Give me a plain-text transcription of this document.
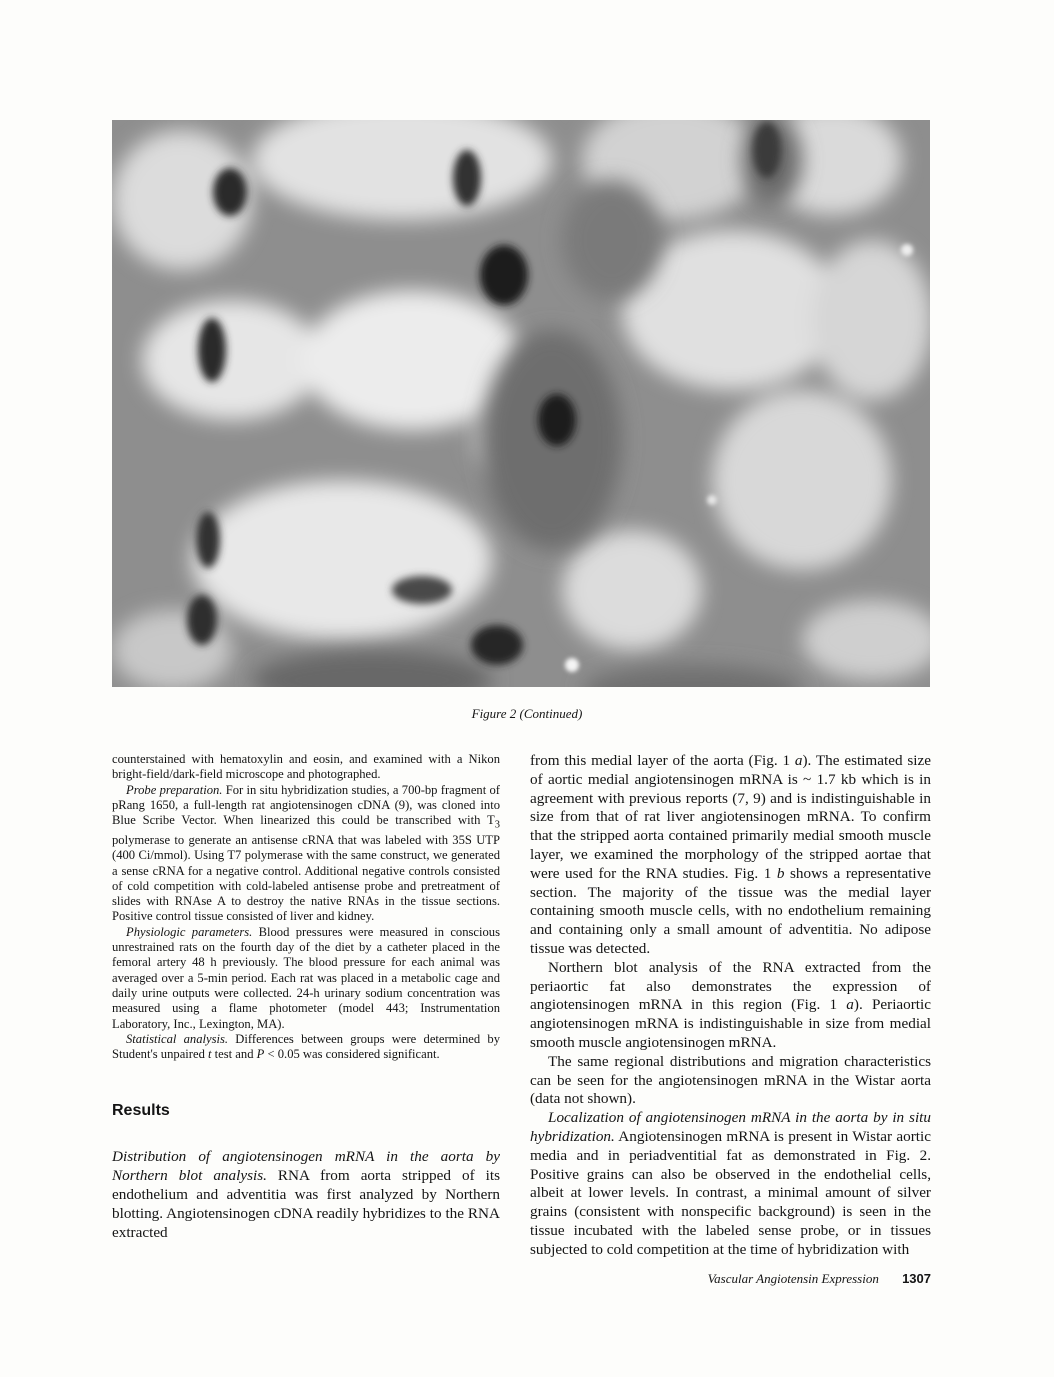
Figure 2 (Continued)

counterstained with hematoxylin and eosin, and examined with a Nikon bright-field/dark-field microscope and photographed.

Probe preparation. For in situ hybridization studies, a 700-bp fragment of pRang 1650, a full-length rat angiotensinogen cDNA (9), was cloned into Blue Scribe Vector. When linearized this could be transcribed with $T_3$ polymerase to generate an antisense cRNA that was labeled with 35S UTP (400 Ci/mmol). Using T7 polymerase with the same construct, we generated a sense cRNA for a negative control. Additional negative controls consisted of cold competition with cold-labeled antisense probe and pretreatment of slides with RNAse A to destroy the native RNAs in the tissue sections. Positive control tissue consisted of liver and kidney.

Physiologic parameters. Blood pressures were measured in conscious unrestrained rats on the fourth day of the diet by a catheter placed in the femoral artery 48 h previously. The blood pressure for each animal was averaged over a 5-min period. Each rat was placed in a metabolic cage and daily urine outputs were collected. 24-h urinary sodium concentration was measured using a flame photometer (model 443; Instrumentation Laboratory, Inc., Lexington, MA).

Statistical analysis. Differences between groups were determined by Student's unpaired t test and P < 0.05 was considered significant.

Results

Distribution of angiotensinogen mRNA in the aorta by Northern blot analysis. RNA from aorta stripped of its endothelium and adventitia was first analyzed by Northern blotting. Angiotensinogen cDNA readily hybridizes to the RNA extracted

from this medial layer of the aorta (Fig. 1 a). The estimated size of aortic medial angiotensinogen mRNA is ~ 1.7 kb which is in agreement with previous reports (7, 9) and is indistinguishable in size from that of rat liver angiotensinogen mRNA. To confirm that the stripped aorta contained primarily medial smooth muscle layer, we examined the morphology of the stripped aortae that were used for the RNA studies. Fig. 1 b shows a representative section. The majority of the tissue was the medial layer containing smooth muscle cells, with no endothelium remaining and containing only a small amount of adventitia. No adipose tissue was detected.

Northern blot analysis of the RNA extracted from the periaortic fat also demonstrates the expression of angiotensinogen mRNA in this region (Fig. 1 a). Periaortic angiotensinogen mRNA is indistinguishable in size from medial smooth muscle angiotensinogen mRNA.

The same regional distributions and migration characteristics can be seen for the angiotensinogen mRNA in the Wistar aorta (data not shown).

Localization of angiotensinogen mRNA in the aorta by in situ hybridization. Angiotensinogen mRNA is present in Wistar aortic media and in periadventitial fat as demonstrated in Fig. 2. Positive grains can also be observed in the endothelial cells, albeit at lower levels. In contrast, a minimal amount of silver grains (consistent with nonspecific background) is seen in the tissue incubated with the labeled sense probe, or in tissues subjected to cold competition at the time of hybridization with

Vascular Angiotensin Expression 1307
